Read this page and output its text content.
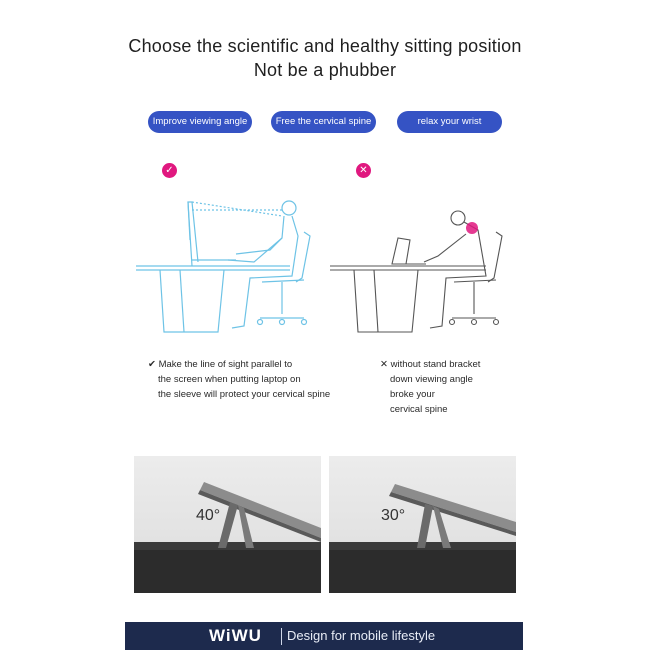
Choose the scientific and healthy sitting position
Not be a phubber
Improve viewing angle	Free the cervical spine	relax your wrist
✓	✕
✔ Make the line of sight parallel to
the screen when putting laptop on
the sleeve will protect your cervical spine
✕ without stand bracket
down viewing angle
broke your
cervical spine
40°	30°
WiWU Design for mobile lifestyle
